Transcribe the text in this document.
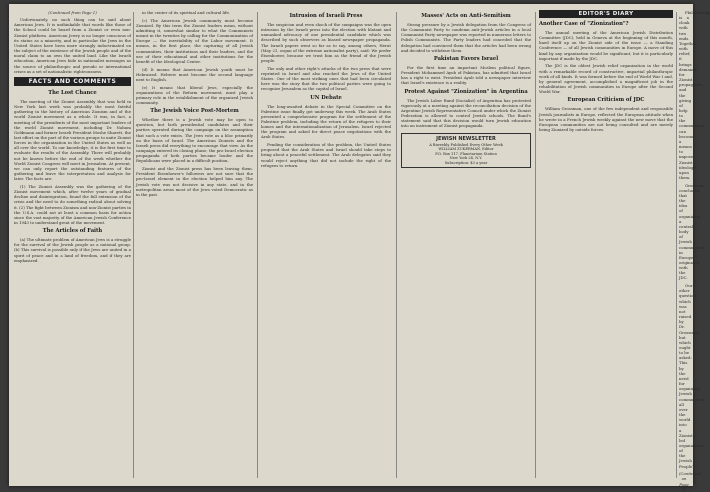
(Continued from Page 1)

Unfortunately, no such thing can be said about American Jews. It is unthinkable that words like those of the School could be heard from a Zionist or even non-Zionist platform. American Jewry is no longer conscious of its status as a minority, and in particular the Jews in the United States have been more strongly indoctrinated on the subject of the existence of the Jewish people and of the moral claim to an own the united land. Like the Israeli education, American Jews hide in nationalist messages as the source of philanthropic and pseudo or international crises as a set of nationalistic righteousness.

FACTS AND COMMENTS
The Lost Chance

The meeting of the Zionist Assembly that was held in New York last week was probably the most fateful gathering in the history of American Zionism and of the world Zionist movement as a whole. It was, in fact, a meeting of the presidents of the most important leaders of the world Zionist movement, including Dr. Nahum Goldmann and former Israeli President Moshe Sharett, the last effort on the part of the various groups to unite Zionist forces in the organization in the United States as well as all over the world. To our knowledge, it is the first time to evaluate the results of the Assembly. There will probably not be known before the end of the week whether the World Zionist Congress will meet in Jerusalem. At present, we can only report the outstanding features of the gathering and leave the interpretation and analysis for later. The facts are:

(1) The Zionist Assembly was the gathering of the Zionist movement which, after twelve years of gradual decline and disintegration, found the full extension of the crisis and the need to do something radical about solving it. (2) The fight between Zionism and non-Zionist parties in the U.S.A. could not at least a common basis for action since the vast majority of the American Jewish Conference in 1943 to understand great of the movement.

The Articles of Faith

(a) The ultimate problem of American Jews is a struggle for the survival of the Jewish people as a national group. (b) This survival is possible only if the Jews are united in a spirit of peace and in a land of freedom, and if they are emphasized.

in the center of its spiritual and cultural life.

(c) The American Jewish community must become Zionized. By this term the Zionist leaders mean, without admitting it, somewhat similar to what the Communists meant in the twenties by calling for the Communization of Europe — the inevitability of the Labor movement. It means, in the first place, the capturing of all Jewish communities, their institutions and their leaders, and the use of their educational and other institutions for the benefit of the Ideological Center.

(d) It means that American Jewish youth must be Hebraized. Hebrew must become the second language next to English.

(e) It means that liberal Jews, especially the organizations of the Reform movement, must play a primary role in the establishment of the organized Jewish community.

The Jewish Voice Post-Mortem

Whether there is a Jewish vote may be open to question, but both presidential candidates and their parties operated during the campaign on the assumption that such a vote exists. The Jews vote as a bloc primarily on the basis of Israel. The American Zionists and the Israeli press did everything to encourage that view. As the campaign entered its closing phase, the pro-Israel election propaganda of both parties became louder and the Republicans were placed in a difficult position.

Zionist and the Zionist press has been leaving them. President Eisenhower's followers are not sure that the pro-Israel element in the election helped him any. The Jewish vote was not decisive in any state, and in the metropolitan areas most of the Jews voted Democratic as in the past.

Intrusion of Israeli Press

The suspicion and even shock of the campaigns was the open intrusion by the Israeli press into the election with blatant and unmasked advocacy of one presidential candidate which was described by such observers as biased newspaper propaganda. The Israeli papers went so far as to say, among others, Herut (May 21, organ of the extreme nationalist party), said: We prefer Eisenhower, because we trust him as the friend of the Jewish people.

The only and other right's attacks of the two press that were reprinted in Israel and also reached the Jews of the United States. One of the most striking ones that had been circulated here was the story that the two political parties were going to recognize Jerusalem as the capital of Israel.

UN Debate

The long-awaited debate in the Special Committee on the Palestine issue finally got underway this week. The Arab States presented a comprehensive program for the settlement of the Palestine problem, including the return of the refugees to their homes and the internationalization of Jerusalem. Israel rejected the program and asked for direct peace negotiations with the Arab States.

Pending the consideration of the problem, the United States proposed that the Arab States and Israel should take steps to bring about a peaceful settlement. The Arab delegates said they would reject anything that did not include the right of the refugees to return.

Masses' Acts on Anti-Semitism

Strong pressure by a Jewish delegation from the Congress of the Communist Party to condemn anti-Jewish articles in a local Communist Party newspaper was reported in numerous letters to Polish Communists. The Party leaders had conceded that the delegation had convinced them that the articles had been wrong and decided to withdraw them.

Pakistan Favors Israel

For the first time an important Moslem political figure, President Mohammed Ayub of Pakistan, has admitted that Israel has a right to exist. President Ayub told a newspaper interview that Israel's existence is a reality.

Protest Against "Zionization" in Argentina

The Jewish Labor Bund (Socialist) of Argentina has protested vigorously at a meeting against the reconciliation decision of the Argentine Jewish Representative Council under which the Zionist Federation is allowed to control Jewish schools. The Bund's statement said that this decision would turn Jewish education into an instrument of Zionist propaganda.

JEWISH NEWSLETTER
A Biweekly Published Every Other Week
WILLIAM ZUKERMAN, Editor
P.O. Box 117, Planetarium Station
New York 24, N.Y.
Subscription: $3 a year
EDITOR'S DIARY
Another Case of "Zionization"?

The annual meeting of the American Jewish Distribution Committee (JDC), held in Geneva at the beginning of this month, lined itself up on the Zionist side of the issue — a Standing Conference — of all Jewish communities in Europe. A move of this kind by any organization would be significant, but it is particularly important if made by the JDC.

The JDC is the oldest Jewish relief organization in the world with a remarkable record of constructive, impartial philanthropic work of all kinds. It was formed before the end of World War I and, by general agreement, accomplished a magnificent job in the rehabilitation of Jewish communities in Europe after the Second World War.

European Criticism of JDC

William Grossman, one of the few independent and responsible Jewish journalists in Europe, reflected the European attitude when he wrote in a French Jewish weekly against the new move that the European communities are not being consulted and are merely being Zionized by outside forces.

Philanthropy is a cloak with two ends. Together with relief, it brings demands for Zionist propaganda, and the giving of help to the communities can become a means to impose Zionist ideology upon them.

Grossman concluded that the idea of organizing a central body of Jewish communities in Europe originated with the JDC.

Our other question which was not raised by Dr. Grossman, but which ought to be asked: This by the need for organizing Jewish communities all over the world into a Zionist-led organization of the Jewish People?

(Continued on Page 4)
